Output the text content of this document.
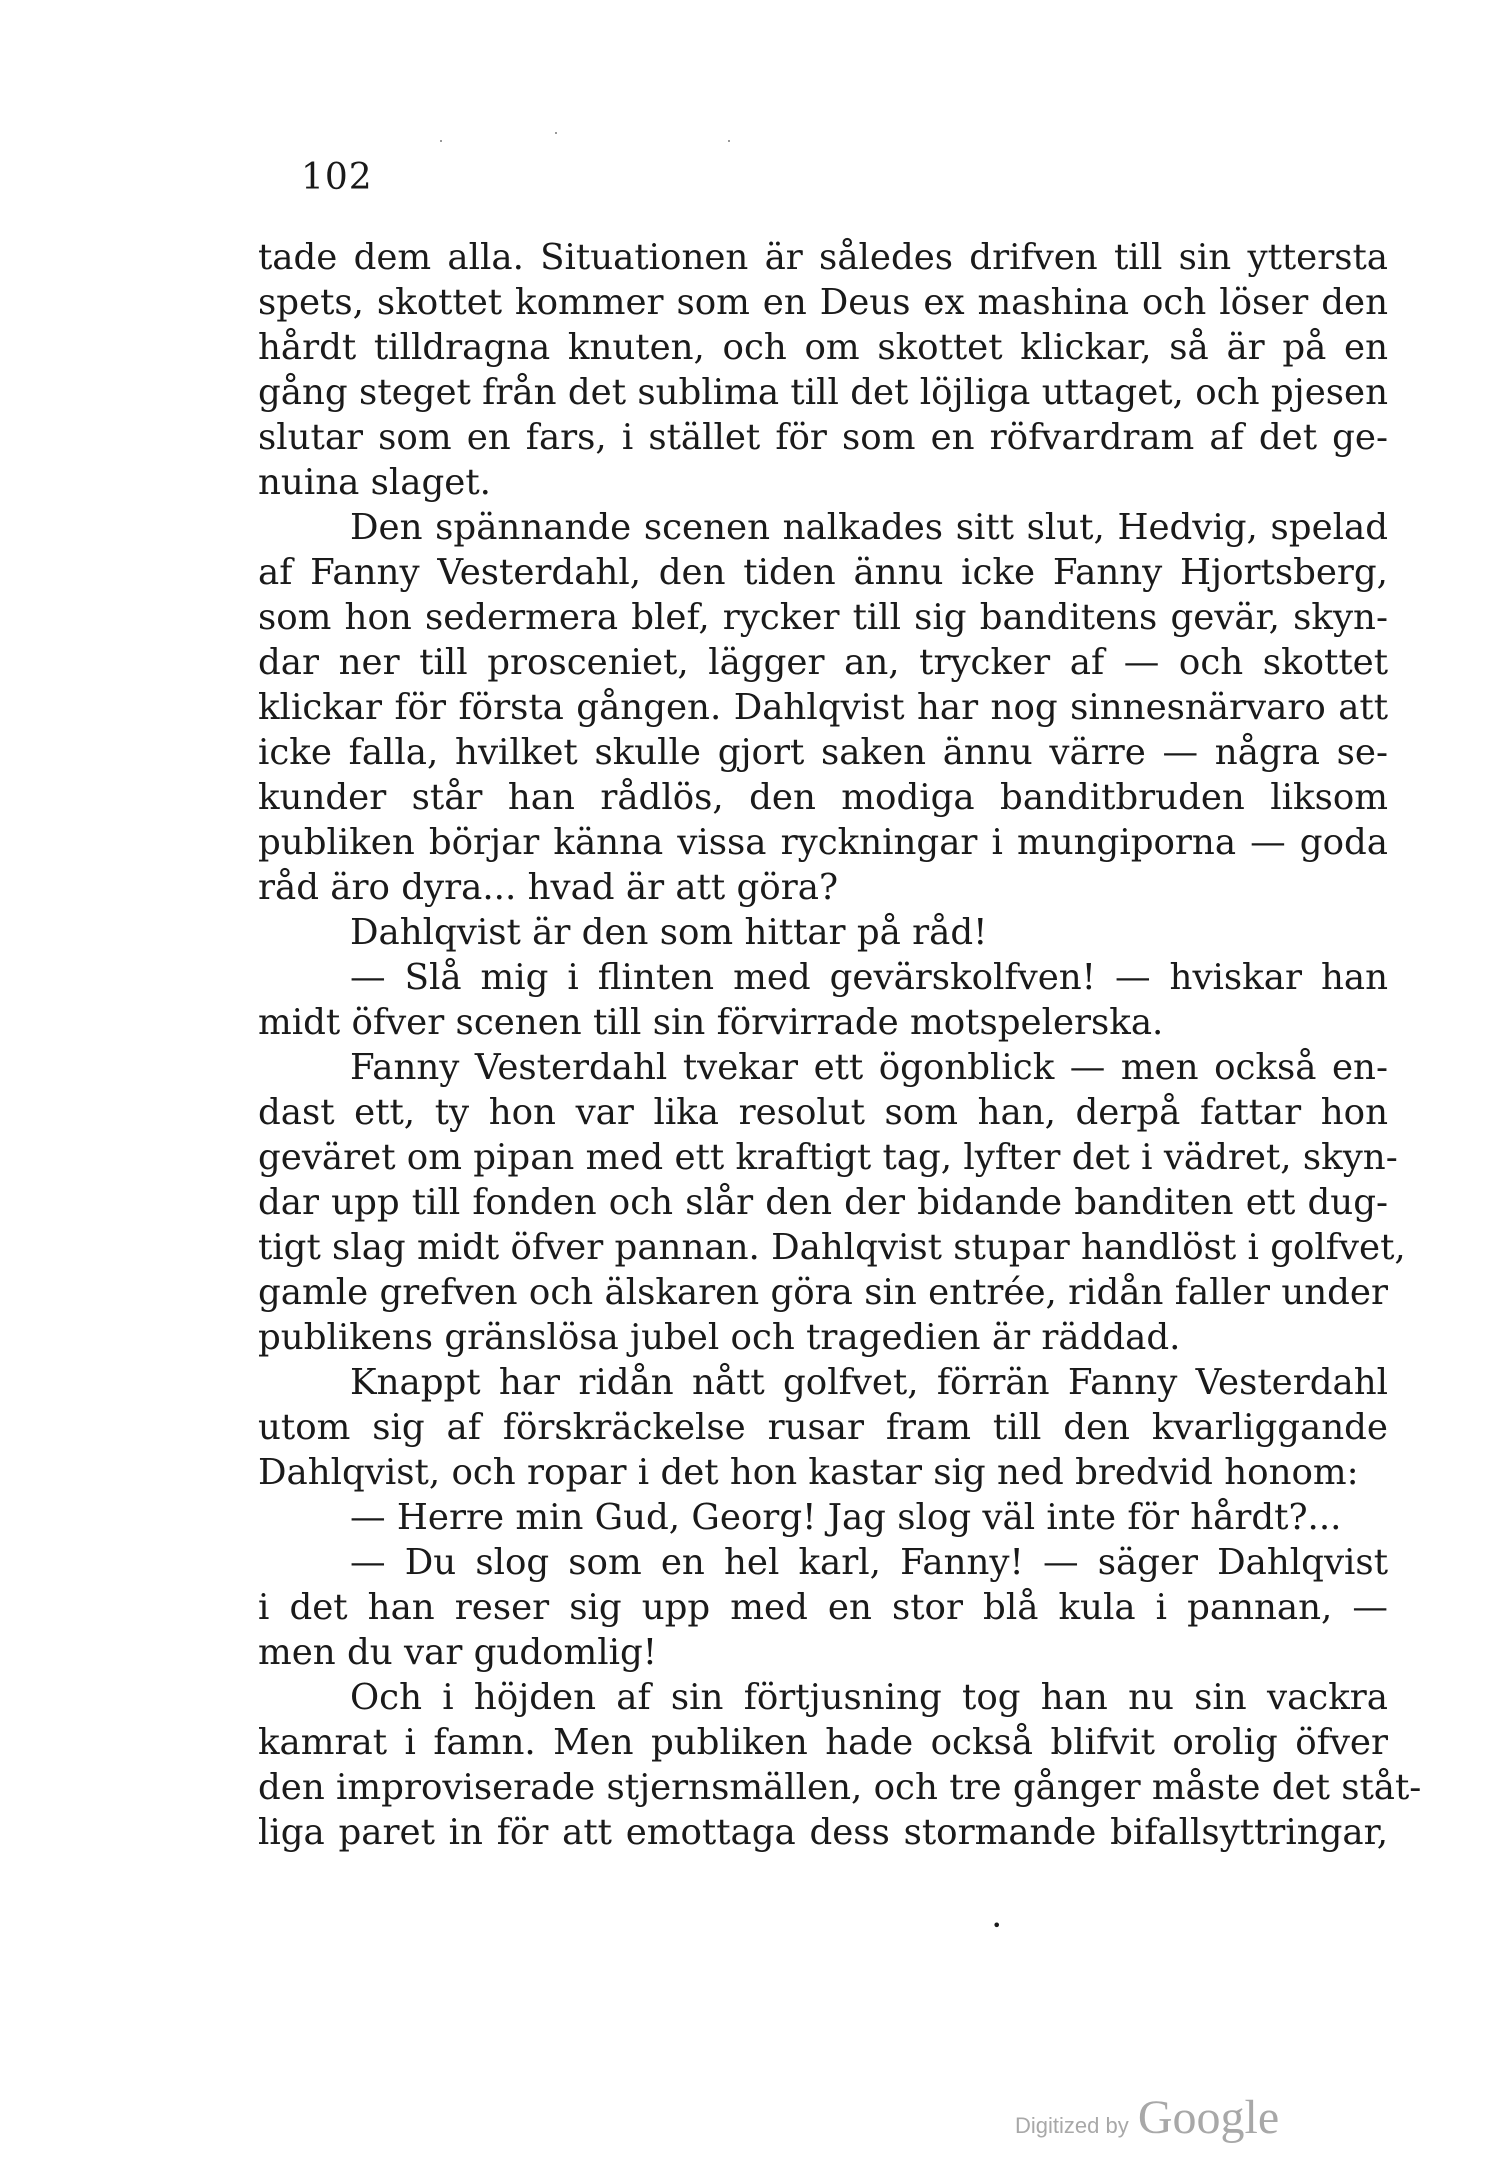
102
tade dem alla. Situationen är således drifven till sin yttersta
spets, skottet kommer som en Deus ex mashina och löser den
hårdt tilldragna knuten, och om skottet klickar, så är på en
gång steget från det sublima till det löjliga uttaget, och pjesen
slutar som en fars, i stället för som en röfvardram af det ge-
nuina slaget.
Den spännande scenen nalkades sitt slut, Hedvig, spelad
af Fanny Vesterdahl, den tiden ännu icke Fanny Hjortsberg,
som hon sedermera blef, rycker till sig banditens gevär, skyn-
dar ner till prosceniet, lägger an, trycker af — och skottet
klickar för första gången. Dahlqvist har nog sinnesnärvaro att
icke falla, hvilket skulle gjort saken ännu värre — några se-
kunder står han rådlös, den modiga banditbruden liksom
publiken börjar känna vissa ryckningar i mungiporna — goda
råd äro dyra... hvad är att göra?
Dahlqvist är den som hittar på råd!
— Slå mig i flinten med gevärskolfven! — hviskar han
midt öfver scenen till sin förvirrade motspelerska.
Fanny Vesterdahl tvekar ett ögonblick — men också en-
dast ett, ty hon var lika resolut som han, derpå fattar hon
geväret om pipan med ett kraftigt tag, lyfter det i vädret, skyn-
dar upp till fonden och slår den der bidande banditen ett dug-
tigt slag midt öfver pannan. Dahlqvist stupar handlöst i golfvet,
gamle grefven och älskaren göra sin entrée, ridån faller under
publikens gränslösa jubel och tragedien är räddad.
Knappt har ridån nått golfvet, förrän Fanny Vesterdahl
utom sig af förskräckelse rusar fram till den kvarliggande
Dahlqvist, och ropar i det hon kastar sig ned bredvid honom:
— Herre min Gud, Georg! Jag slog väl inte för hårdt?...
— Du slog som en hel karl, Fanny! — säger Dahlqvist
i det han reser sig upp med en stor blå kula i pannan, —
men du var gudomlig!
Och i höjden af sin förtjusning tog han nu sin vackra
kamrat i famn. Men publiken hade också blifvit orolig öfver
den improviserade stjernsmällen, och tre gånger måste det ståt-
liga paret in för att emottaga dess stormande bifallsyttringar,
•
Digitized by Google
